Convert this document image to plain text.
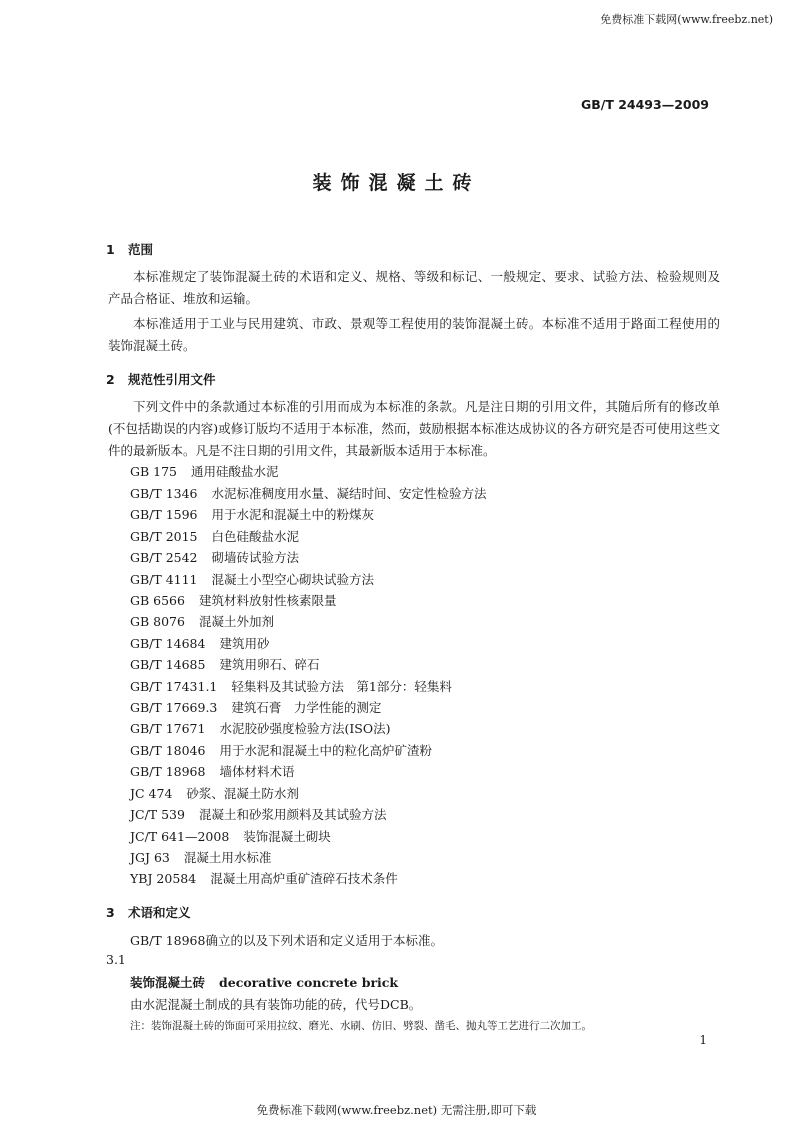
免费标准下载网(www.freebz.net)
GB/T 24493—2009
装饰混凝土砖
1 范围
本标准规定了装饰混凝土砖的术语和定义、规格、等级和标记、一般规定、要求、试验方法、检验规则及产品合格证、堆放和运输。
本标准适用于工业与民用建筑、市政、景观等工程使用的装饰混凝土砖。本标准不适用于路面工程使用的装饰混凝土砖。
2 规范性引用文件
下列文件中的条款通过本标准的引用而成为本标准的条款。凡是注日期的引用文件，其随后所有的修改单(不包括勘误的内容)或修订版均不适用于本标准，然而，鼓励根据本标准达成协议的各方研究是否可使用这些文件的最新版本。凡是不注日期的引用文件，其最新版本适用于本标准。
GB 175 通用硅酸盐水泥
GB/T 1346 水泥标准稠度用水量、凝结时间、安定性检验方法
GB/T 1596 用于水泥和混凝土中的粉煤灰
GB/T 2015 白色硅酸盐水泥
GB/T 2542 砌墙砖试验方法
GB/T 4111 混凝土小型空心砌块试验方法
GB 6566 建筑材料放射性核素限量
GB 8076 混凝土外加剂
GB/T 14684 建筑用砂
GB/T 14685 建筑用卵石、碎石
GB/T 17431.1 轻集料及其试验方法　第1部分：轻集料
GB/T 17669.3 建筑石膏　力学性能的测定
GB/T 17671 水泥胶砂强度检验方法(ISO法)
GB/T 18046 用于水泥和混凝土中的粒化高炉矿渣粉
GB/T 18968 墙体材料术语
JC 474 砂浆、混凝土防水剂
JC/T 539 混凝土和砂浆用颜料及其试验方法
JC/T 641—2008 装饰混凝土砌块
JGJ 63 混凝土用水标准
YBJ 20584 混凝土用高炉重矿渣碎石技术条件
3 术语和定义
GB/T 18968确立的以及下列术语和定义适用于本标准。
3.1
装饰混凝土砖 decorative concrete brick
由水泥混凝土制成的具有装饰功能的砖，代号DCB。
注：装饰混凝土砖的饰面可采用拉纹、磨光、水刷、仿旧、劈裂、凿毛、抛丸等工艺进行二次加工。
1
免费标准下载网(www.freebz.net) 无需注册,即可下载
